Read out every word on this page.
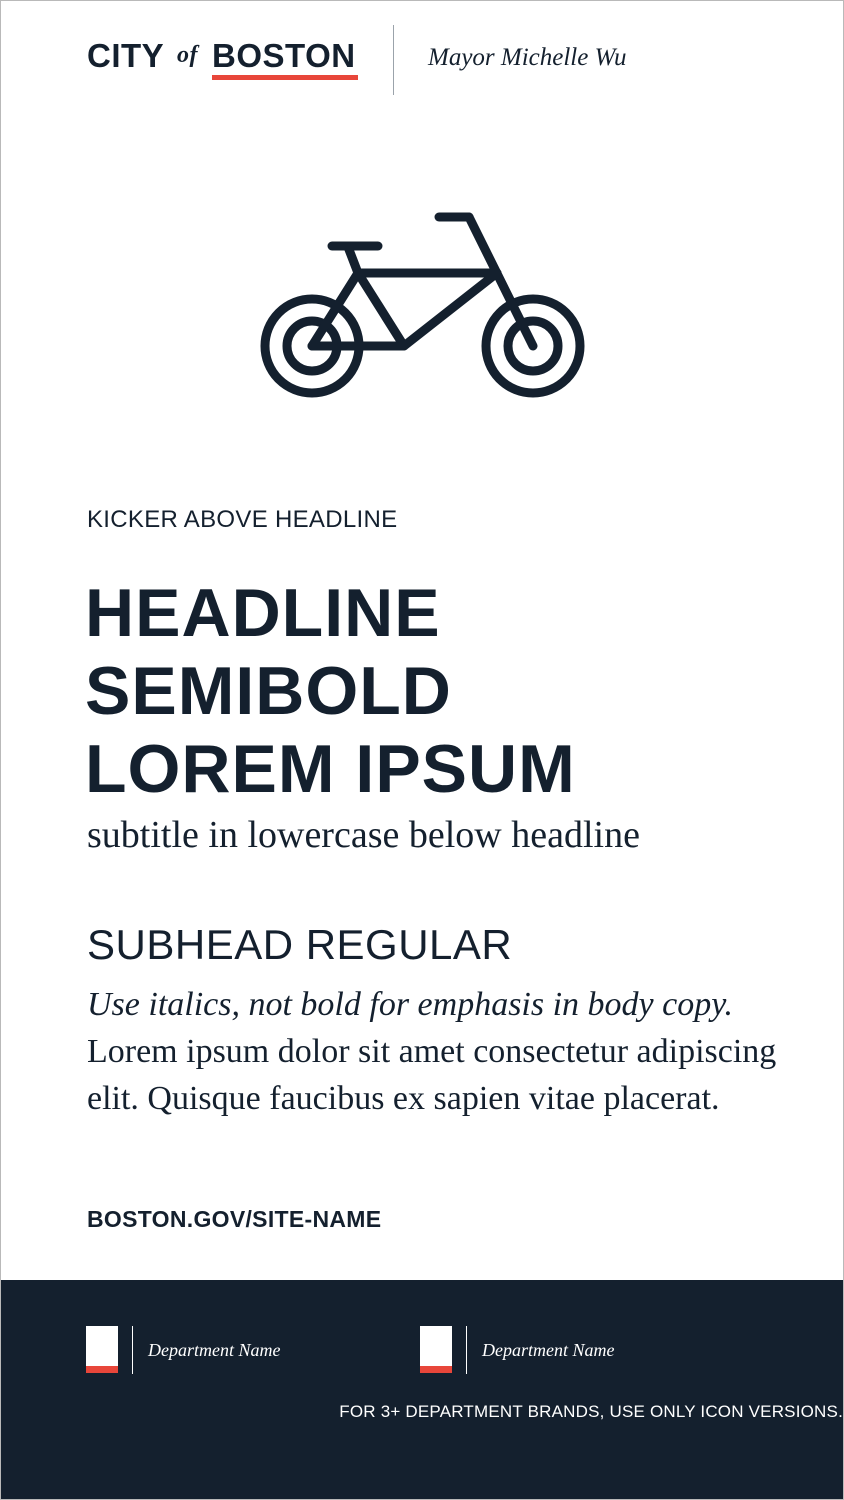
CITY of BOSTON	Mayor Michelle Wu
KICKER ABOVE HEADLINE
HEADLINE
SEMIBOLD
LOREM IPSUM
subtitle in lowercase below headline
SUBHEAD REGULAR

Use italics, not bold for emphasis in body copy. Lorem ipsum dolor sit amet consectetur adipiscing elit. Quisque faucibus ex sapien vitae placerat.

BOSTON.GOV/SITE-NAME
Department Name	Department Name
FOR 3+ DEPARTMENT BRANDS, USE ONLY ICON VERSIONS.
